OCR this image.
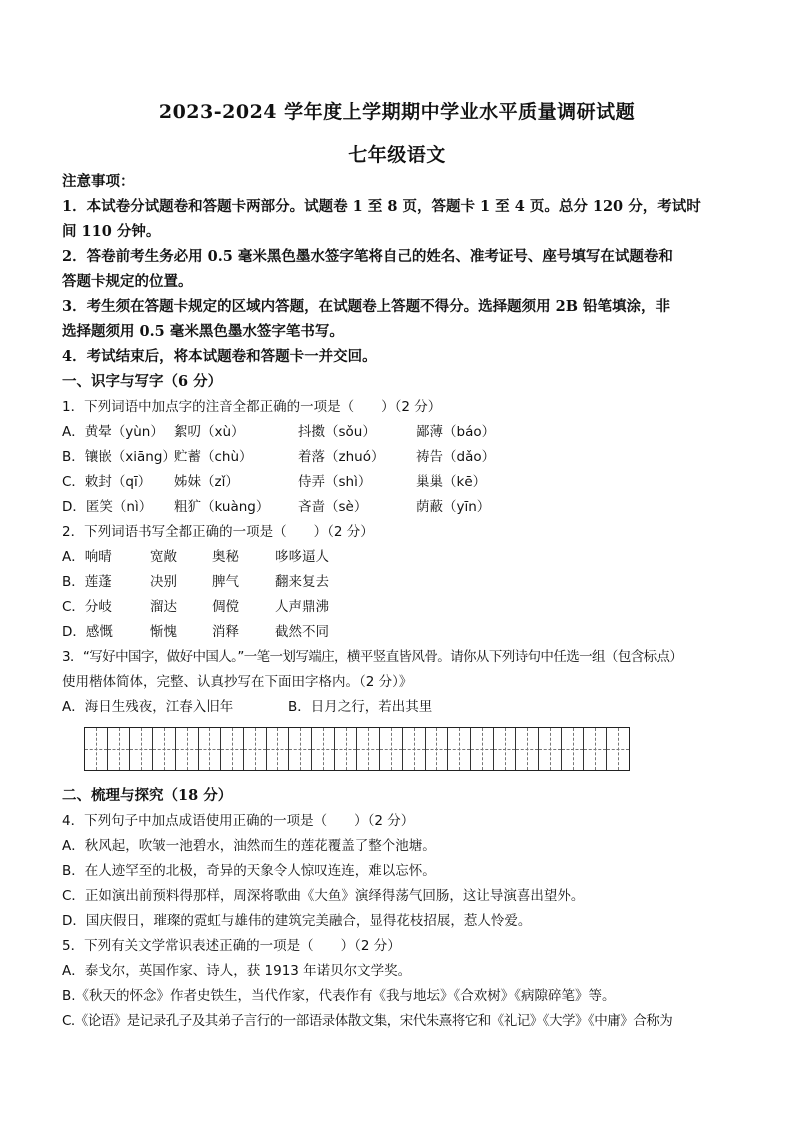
2023-2024 学年度上学期期中学业水平质量调研试题
七年级语文
注意事项：
1．本试卷分试题卷和答题卡两部分。试题卷 1 至 8 页，答题卡 1 至 4 页。总分 120 分，考试时
间 110 分钟。
2．答卷前考生务必用 0.5 毫米黑色墨水签字笔将自己的姓名、准考证号、座号填写在试题卷和
答题卡规定的位置。
3．考生须在答题卡规定的区域内答题，在试题卷上答题不得分。选择题须用 2B 铅笔填涂，非
选择题须用 0.5 毫米黑色墨水签字笔书写。
4．考试结束后，将本试题卷和答题卡一并交回。
一、识字与写字（6 分）
1．下列词语中加点字的注音全都正确的一项是（　　）（2 分）
A．黄晕（yùn） 絮叨（xù）	抖擞（sǒu）	鄙薄（báo）
B．镶嵌（xiāng）贮蓄（chù）	着落（zhuó） 祷告（dǎo）
C．敕封（qī） 姊妹（zǐ）	侍弄（shì）	巢巢（kē）
D．匿笑（nì） 粗犷（kuàng） 吝啬（sè）	荫蔽（yīn）
2．下列词语书写全都正确的一项是（　　）（2 分）
A．响晴	宽敞	奥秘	哆哆逼人
B．莲蓬	决别	脾气	翻来复去
C．分岐	溜达	倜傥	人声鼎沸
D．感慨	惭愧	消释	截然不同
3．“写好中国字，做好中国人。”一笔一划写端庄，横平竖直皆风骨。请你从下列诗句中任选一组（包含标点）
使用楷体简体，完整、认真抄写在下面田字格内。（2 分）》
A．海日生残夜，江春入旧年	B．日月之行，若出其里
二、梳理与探究（18 分）
4．下列句子中加点成语使用正确的一项是（　　）（2 分）
A．秋风起，吹皱一池碧水，油然而生的莲花覆盖了整个池塘。
B．在人迹罕至的北极，奇异的天象令人惊叹连连，难以忘怀。
C．正如演出前预料得那样，周深将歌曲《大鱼》演绎得荡气回肠，这让导演喜出望外。
D．国庆假日，璀璨的霓虹与雄伟的建筑完美融合，显得花枝招展，惹人怜爱。
5．下列有关文学常识表述正确的一项是（　　）（2 分）
A．泰戈尔，英国作家、诗人，获 1913 年诺贝尔文学奖。
B.《秋天的怀念》作者史铁生，当代作家，代表作有《我与地坛》《合欢树》《病隙碎笔》等。
C.《论语》是记录孔子及其弟子言行的一部语录体散文集，宋代朱熹将它和《礼记》《大学》《中庸》合称为
